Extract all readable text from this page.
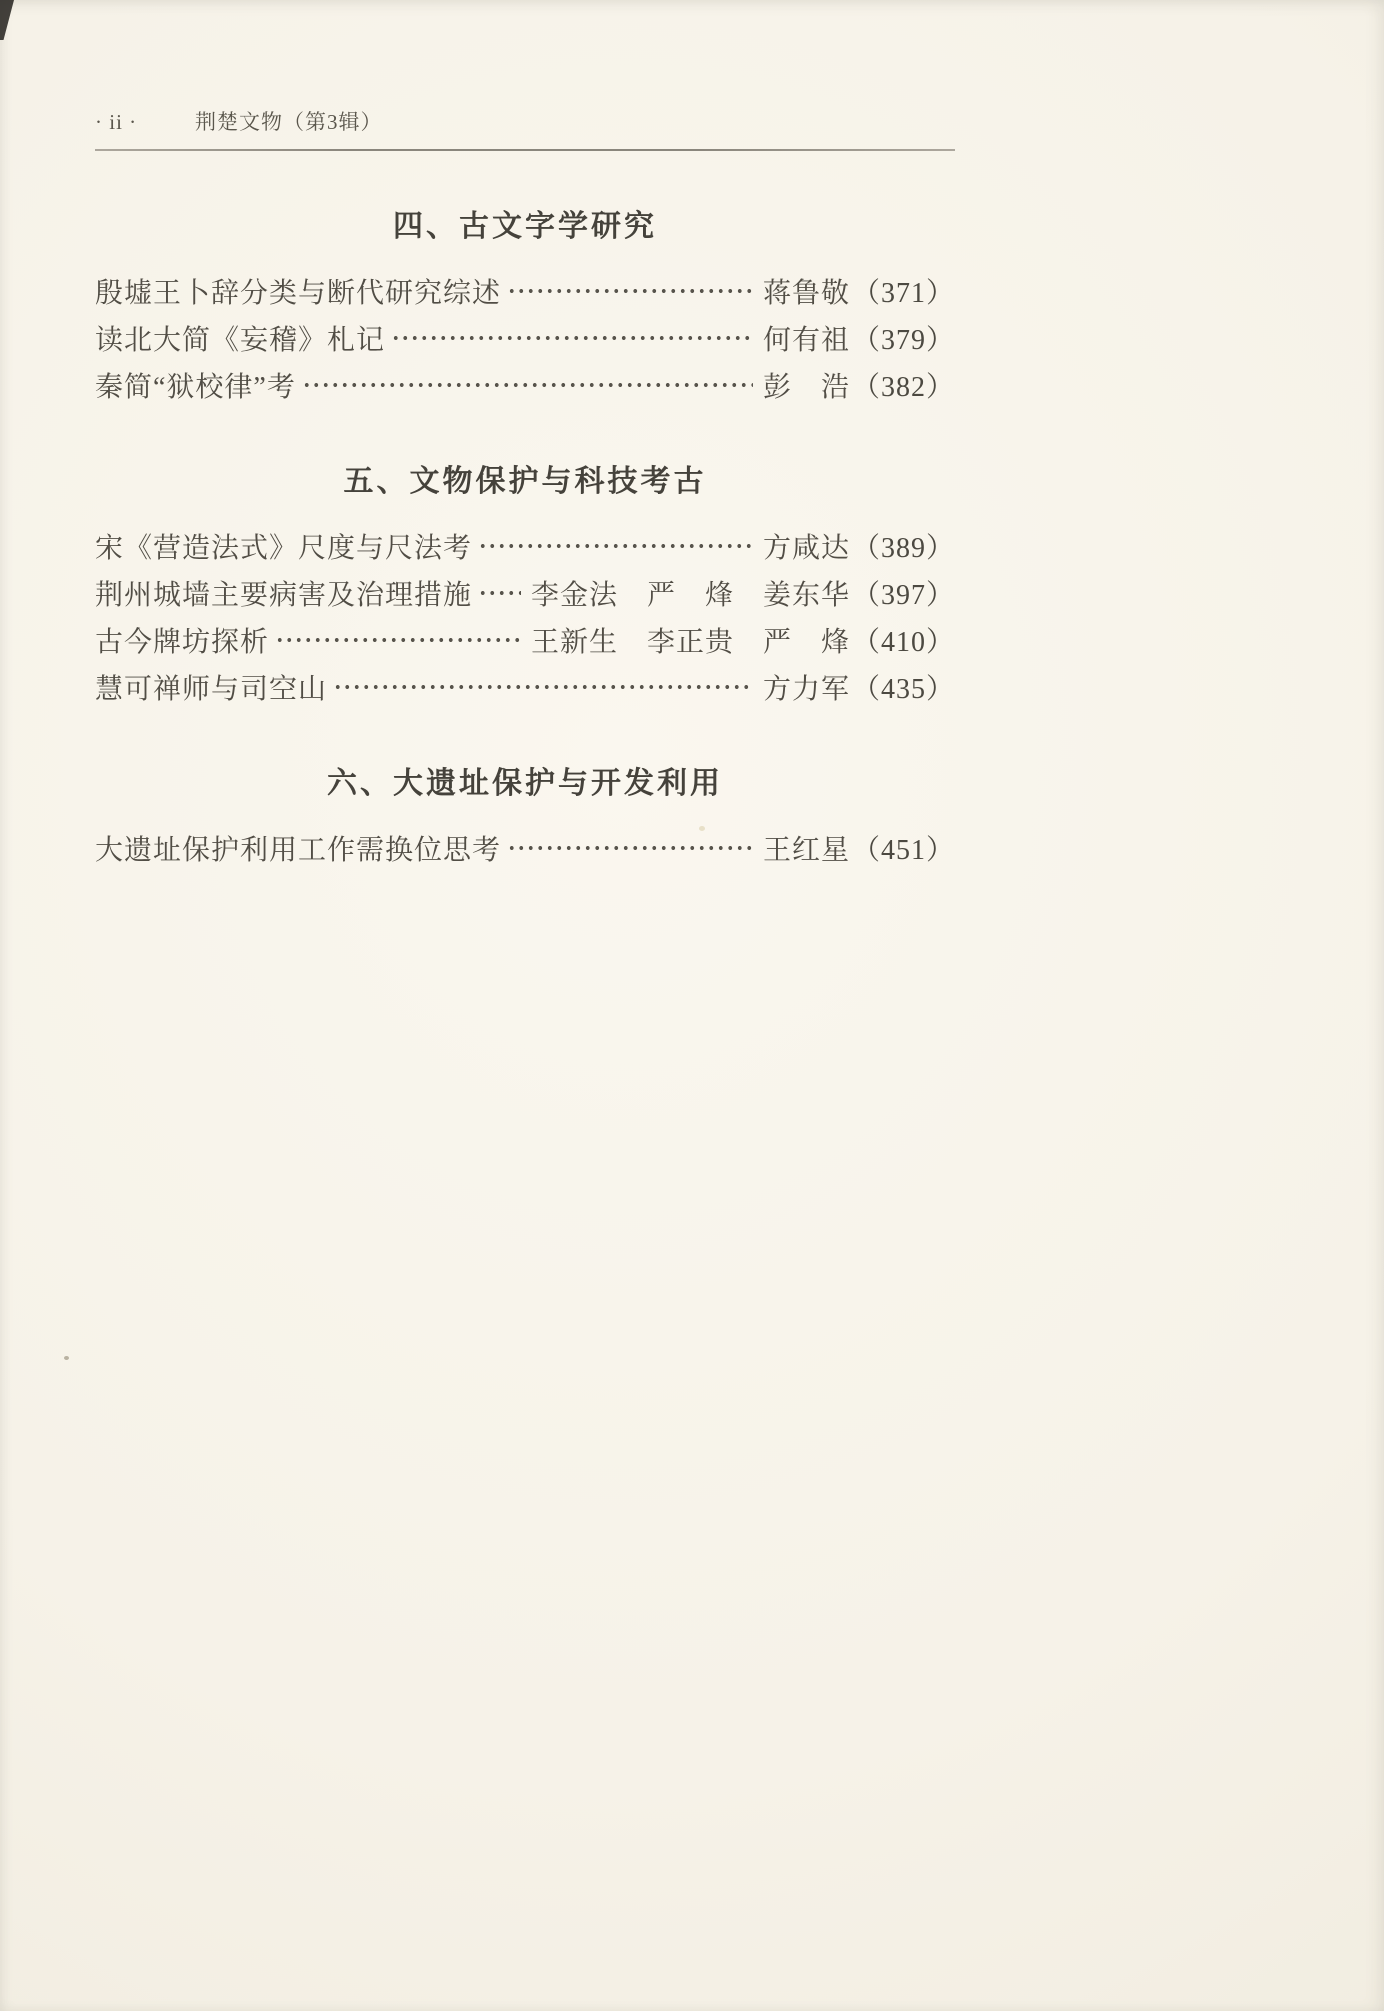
· ii ·	荆楚文物（第3辑）
四、古文字学研究
殷墟王卜辞分类与断代研究综述	蒋鲁敬 （371）
读北大简《妄稽》札记	何有祖 （379）
秦简“狱校律”考	彭　浩 （382）
五、文物保护与科技考古
宋《营造法式》尺度与尺法考	方咸达 （389）
荆州城墙主要病害及治理措施 李金法　严　烽　姜东华 （397）
古今牌坊探析	王新生　李正贵　严　烽 （410）
慧可禅师与司空山	方力军 （435）
六、大遗址保护与开发利用
大遗址保护利用工作需换位思考	王红星 （451）
